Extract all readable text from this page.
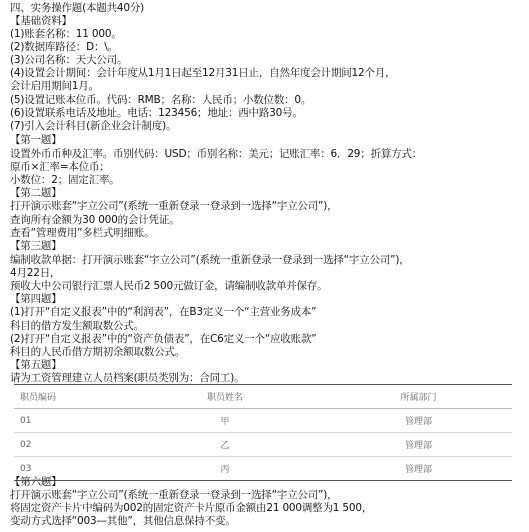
四、实务操作题(本题共40分)
【基础资料】
(1)账套名称：11 000。
(2)数据库路径：D：\。
(3)公司名称：天大公司。
(4)设置会计期间：会计年度从1月1日起至12月31日止，自然年度会计期间12个月，
会计启用期间1月。
(5)设置记账本位币。代码：RMB；名称：人民币；小数位数：0。
(6)设置联系电话及地址。电话：123456；地址：西中路30号。
(7)引入会计科目(新企业会计制度)。
【第一题】
设置外币币种及汇率。币别代码：USD；币别名称：美元；记账汇率：6．29；折算方式：
原币×汇率=本位币；
小数位：2；固定汇率。
【第二题】
打开演示账套“宇立公司”(系统一重新登录一登录到一选择“宇立公司”)，
查询所有金额为30 000的会计凭证。
查看“管理费用”多栏式明细账。
【第三题】
编制收款单据：打开演示账套“宇立公司”(系统一重新登录一登录到一选择“宇立公司”)，
4月22日，
预收大中公司银行汇票人民币2 500元做订金，请编制收款单并保存。
【第四题】
(1)打开“自定义报表”中的“利润表”，在B3定义一个“主营业务成本”
科目的借方发生额取数公式。
(2)打开“自定义报表”中的“资产负债表”，在C6定义一个“应收账款”
科目的人民币借方期初余额取数公式。
【第五题】
请为工资管理建立人员档案(职员类别为：合同工)。
职员编码	职员姓名	所属部门
01	甲	管理部
02	乙	管理部
03	丙	管理部
【第六题】
打开演示账套“宇立公司”(系统一重新登录一登录到一选择“宇立公司”)，
将固定资产卡片中编码为002的固定资产卡片原币金额由21 000调整为1 500，
变动方式选择“003—其他”，其他信息保持不变。
